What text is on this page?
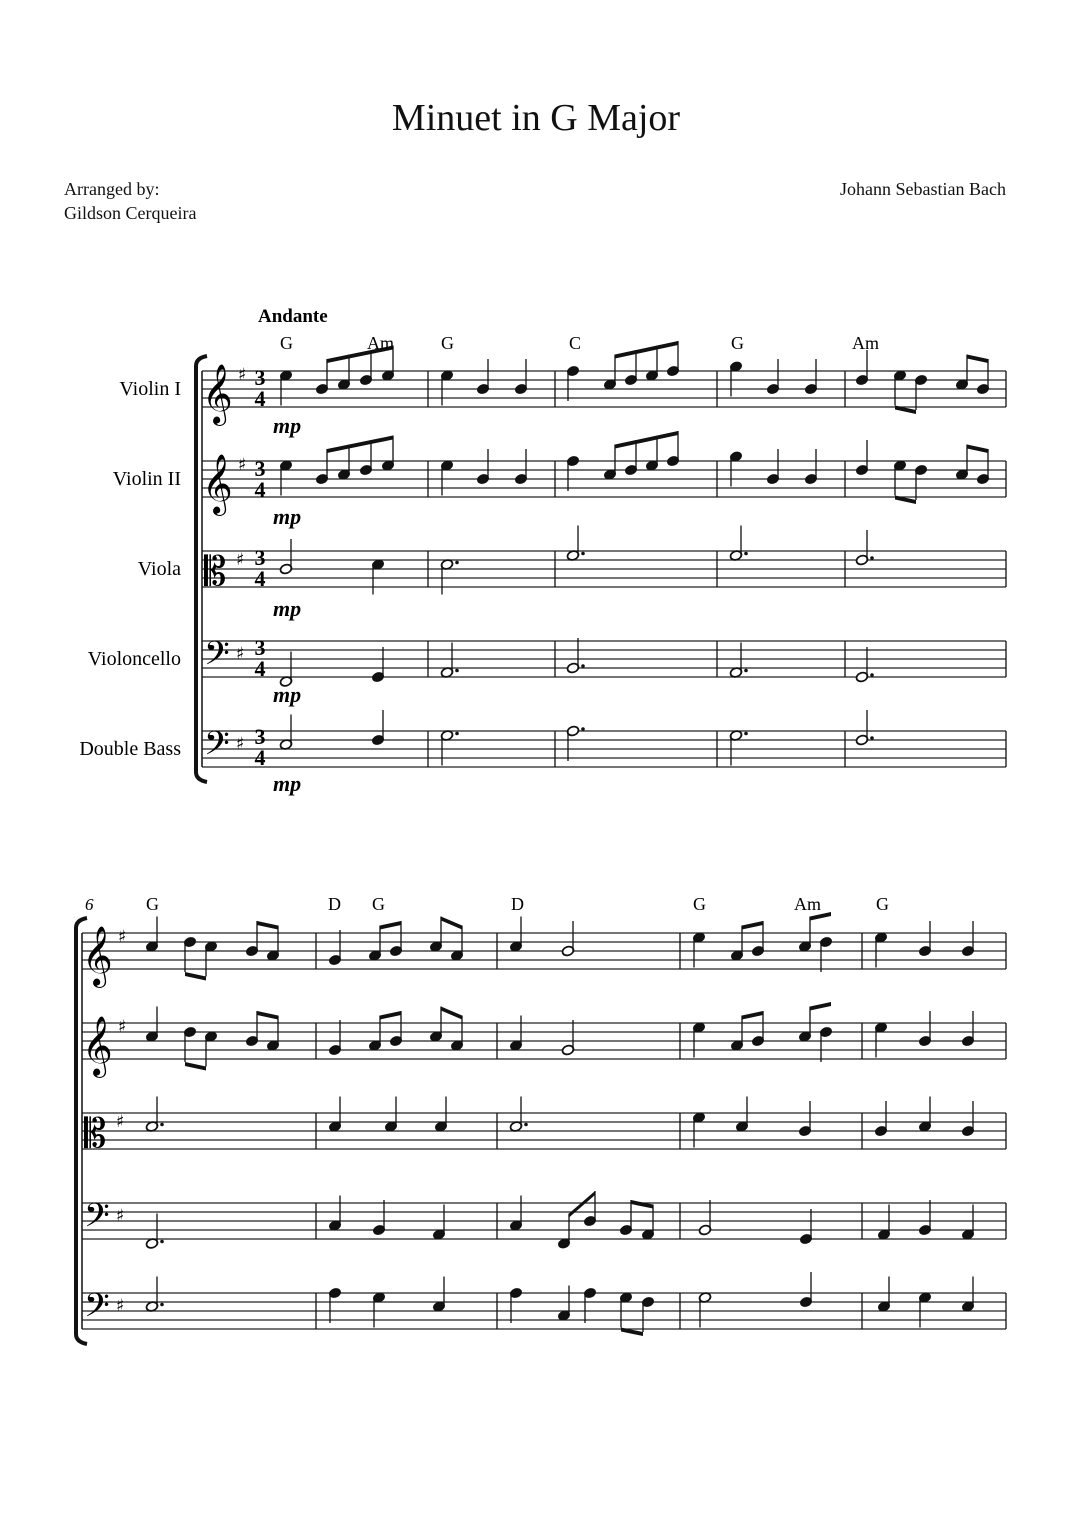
Minuet in G Major
Arranged by:
Gildson Cerqueira
Johann Sebastian Bach
𝄞 ♯
𝄞 ♯
𝄡 ♯
𝄢 ♯
𝄢 ♯
𝄞 ♯
𝄞 ♯
𝄡 ♯
𝄢 ♯
𝄢 ♯
Andante
Violin I
Violin II
Viola
Violoncello
Double Bass
G	Am	G	C	G	Am
6	G	D G	D	G	Am	G
mp
mp
mp
mp
mp
3
4
3
4
3
4
3
4
3
4
